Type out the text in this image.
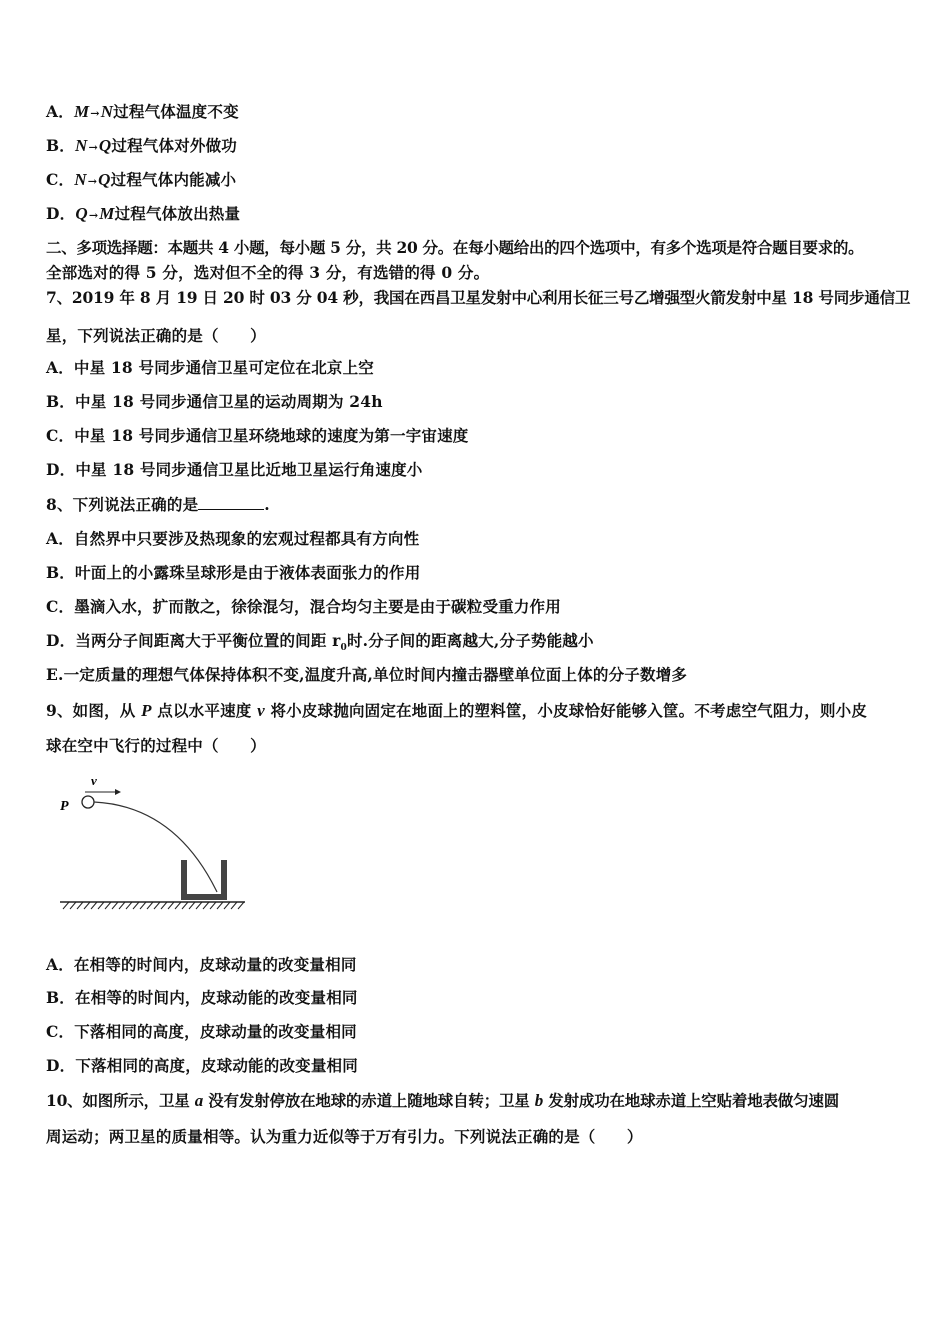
A．M→N过程气体温度不变
B．N→Q过程气体对外做功
C．N→Q过程气体内能减小
D．Q→M过程气体放出热量
二、多项选择题：本题共 4 小题，每小题 5 分，共 20 分。在每小题给出的四个选项中，有多个选项是符合题目要求的。
全部选对的得 5 分，选对但不全的得 3 分，有选错的得 0 分。
7、2019 年 8 月 19 日 20 时 03 分 04 秒，我国在西昌卫星发射中心利用长征三号乙增强型火箭发射中星 18 号同步通信卫
星，下列说法正确的是（　　）
A．中星 18 号同步通信卫星可定位在北京上空
B．中星 18 号同步通信卫星的运动周期为 24h
C．中星 18 号同步通信卫星环绕地球的速度为第一宇宙速度
D．中星 18 号同步通信卫星比近地卫星运行角速度小
8、下列说法正确的是	.
A．自然界中只要涉及热现象的宏观过程都具有方向性
B．叶面上的小露珠呈球形是由于液体表面张力的作用
C．墨滴入水，扩而散之，徐徐混匀，混合均匀主要是由于碳粒受重力作用
D．当两分子间距离大于平衡位置的间距 $r_0$时.分子间的距离越大,分子势能越小
E.一定质量的理想气体保持体积不变,温度升高,单位时间内撞击器壁单位面上体的分子数增多
9、如图，从 P 点以水平速度 v 将小皮球抛向固定在地面上的塑料筐，小皮球恰好能够入筐。不考虑空气阻力，则小皮
球在空中飞行的过程中（　　）
P
v
A．在相等的时间内，皮球动量的改变量相同
B．在相等的时间内，皮球动能的改变量相同
C．下落相同的高度，皮球动量的改变量相同
D．下落相同的高度，皮球动能的改变量相同
10、如图所示，卫星 a 没有发射停放在地球的赤道上随地球自转；卫星 b 发射成功在地球赤道上空贴着地表做匀速圆
周运动；两卫星的质量相等。认为重力近似等于万有引力。下列说法正确的是（　　）
